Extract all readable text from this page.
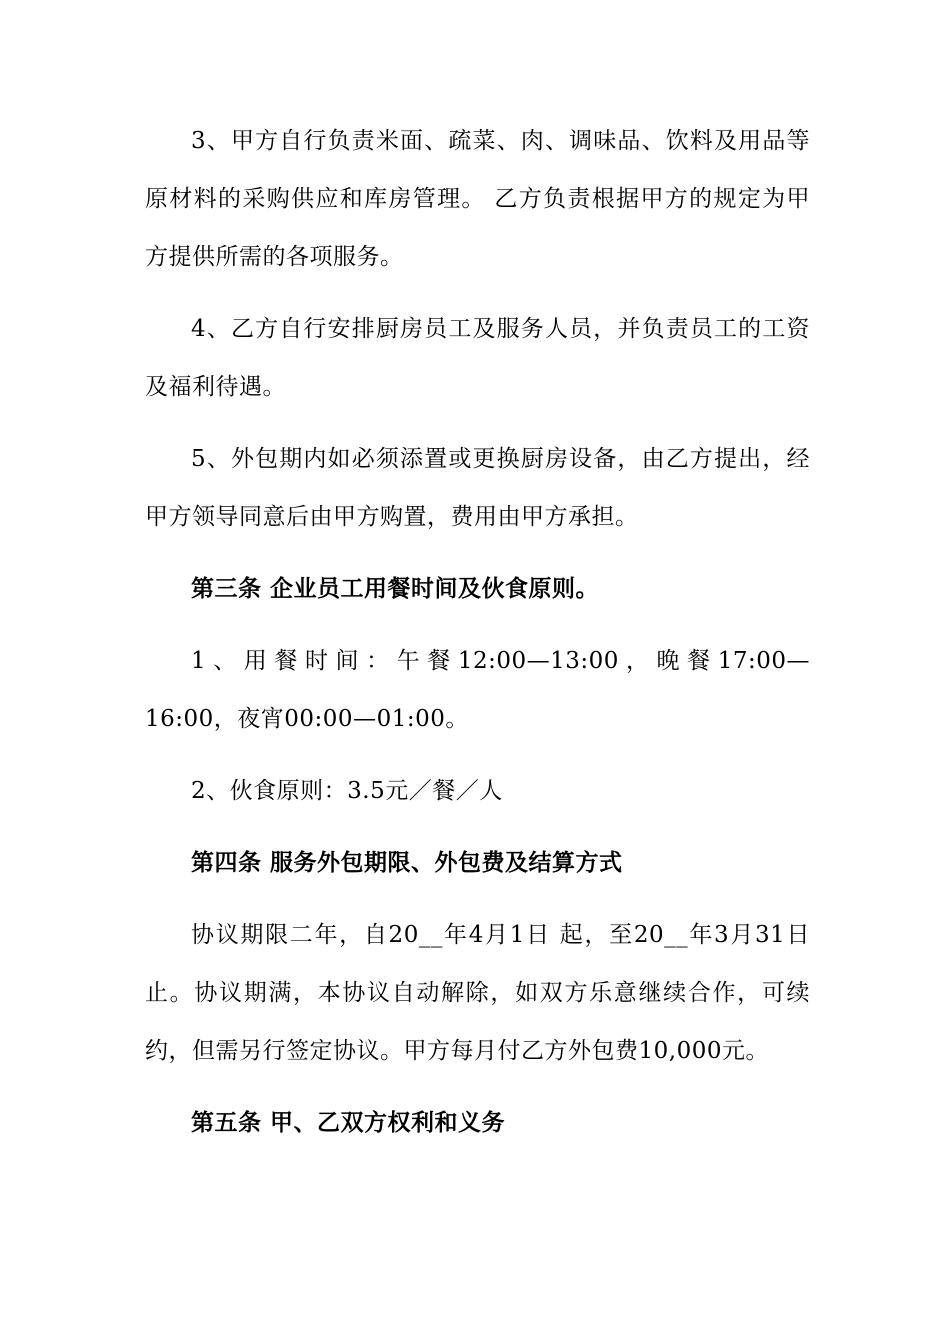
3、甲方自行负责米面、疏菜、肉、调味品、饮料及用品等原材料的采购供应和库房管理。 乙方负责根据甲方的规定为甲方提供所需的各项服务。

4、乙方自行安排厨房员工及服务人员，并负责员工的工资及福利待遇。

5、外包期内如必须添置或更换厨房设备，由乙方提出，经甲方领导同意后由甲方购置，费用由甲方承担。

第三条 企业员工用餐时间及伙食原则。

1、用餐时间：午餐12:00—13:00，晚餐17:00—16:00，夜宵00:00—01:00。

2、伙食原则：3.5元／餐／人

第四条 服务外包期限、外包费及结算方式

协议期限二年，自20__年4月1日 起，至20__年3月31日止。协议期满，本协议自动解除，如双方乐意继续合作，可续约，但需另行签定协议。甲方每月付乙方外包费10,000元。

第五条 甲、乙双方权利和义务
